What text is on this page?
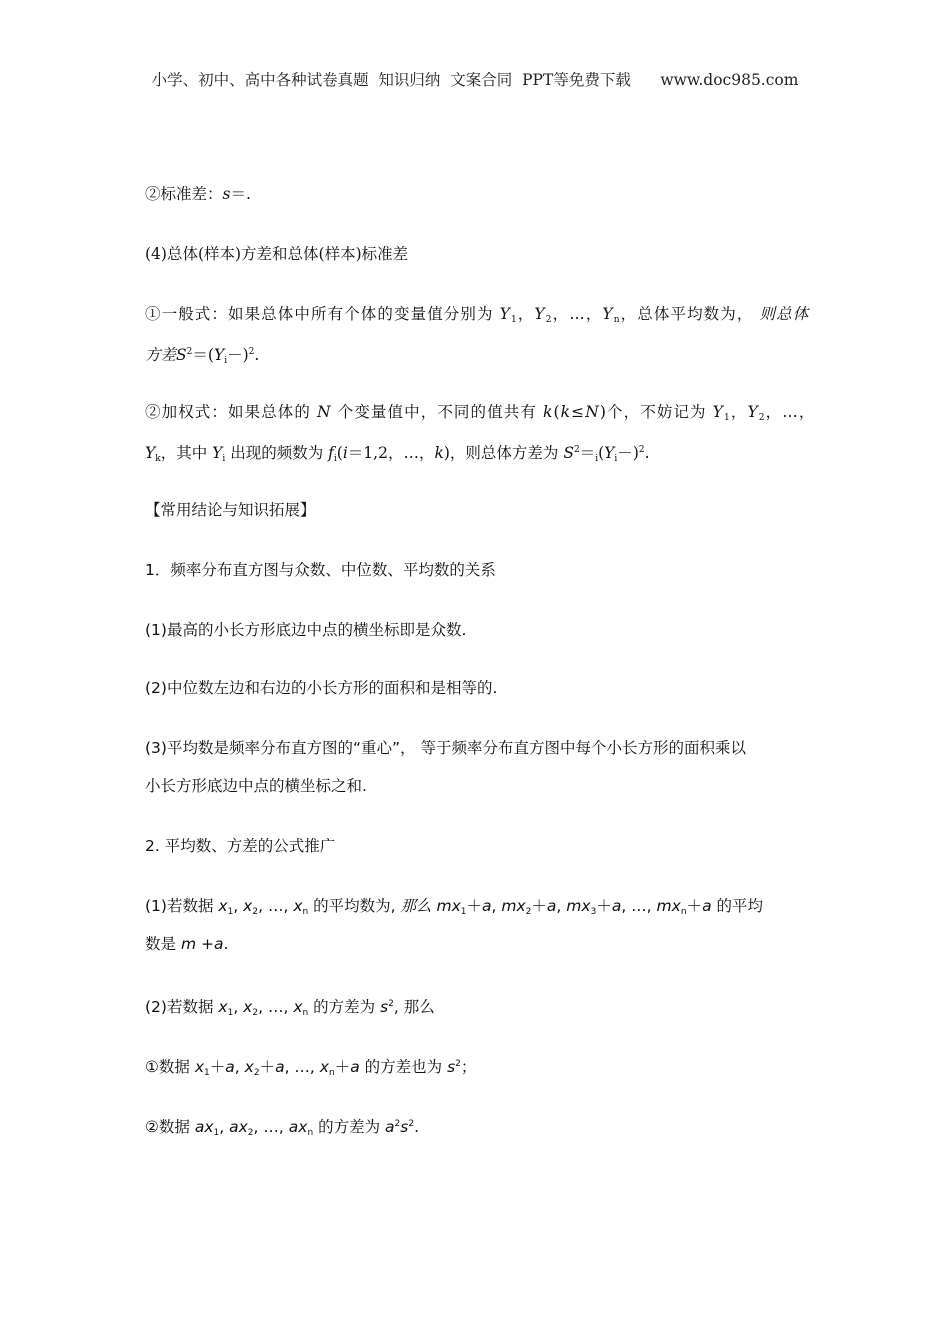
小学、初中、高中各种试卷真题  知识归纳  文案合同  PPT等免费下载 www.doc985.com
②标准差：s＝.
(4)总体(样本)方差和总体(样本)标准差
①一般式：如果总体中所有个体的变量值分别为 $Y_1$，$Y_2$，…，$Y_n$，总体平均数为， 则总体
方差$S^2=(Y_i-)^2$.
②加权式：如果总体的 N 个变量值中，不同的值共有 k(k≤N)个，不妨记为 $Y_1$，$Y_2$，…，
$Y_k$，其中 $Y_i$ 出现的频数为 $f_i(i=1,2$，…，k)，则总体方差为 $S^2=_i(Y_i-)^2$.
【常用结论与知识拓展】
1．频率分布直方图与众数、中位数、平均数的关系
(1)最高的小长方形底边中点的横坐标即是众数.
(2)中位数左边和右边的小长方形的面积和是相等的.
(3)平均数是频率分布直方图的“重心”， 等于频率分布直方图中每个小长方形的面积乘以
小长方形底边中点的横坐标之和.
2. 平均数、方差的公式推广
(1)若数据 $x_1$, $x_2$, …, $x_n$ 的平均数为, 那么 $mx_1+a$, $mx_2+a$, $mx_3+a$, …, $mx_n+a$ 的平均
数是 m +a.
(2)若数据 $x_1$, $x_2$, …, $x_n$ 的方差为 $s^2$, 那么
①数据 $x_1+a$, $x_2+a$, …, $x_n+a$ 的方差也为 $s^2$；
②数据 $ax_1$, $ax_2$, …, $ax_n$ 的方差为 $a^2s^2$.
